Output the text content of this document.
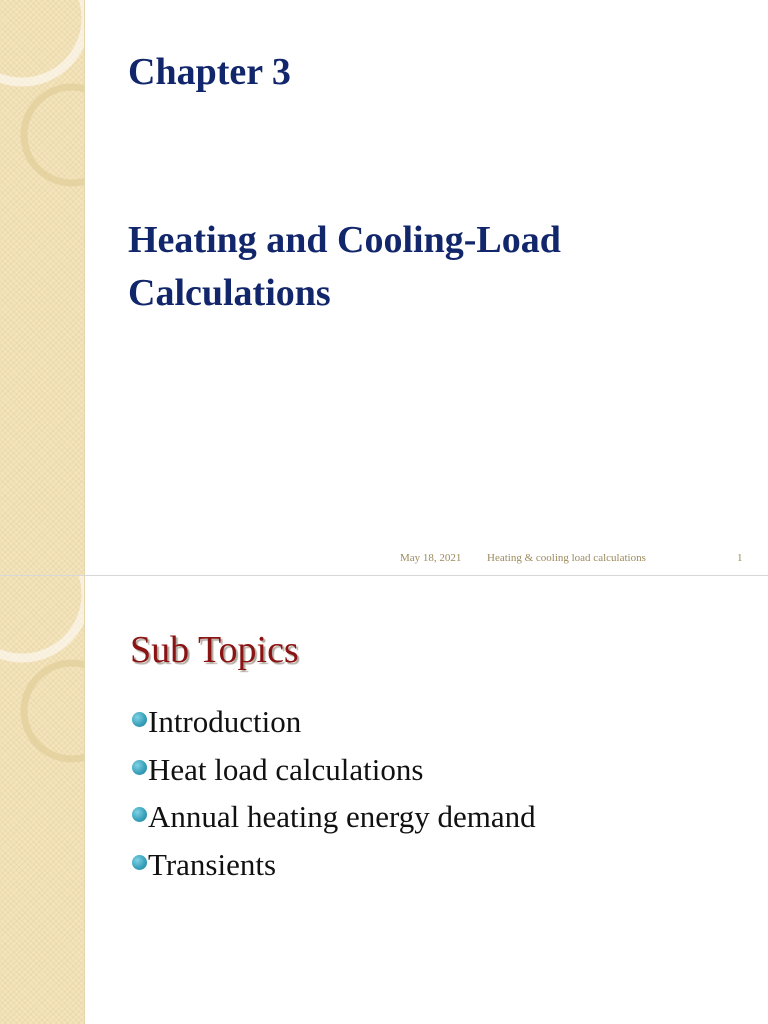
Chapter 3
Heating and Cooling-Load Calculations
May 18, 2021 Heating & cooling load calculations	1
Sub Topics
Introduction
Heat load calculations
Annual heating energy demand
Transients
